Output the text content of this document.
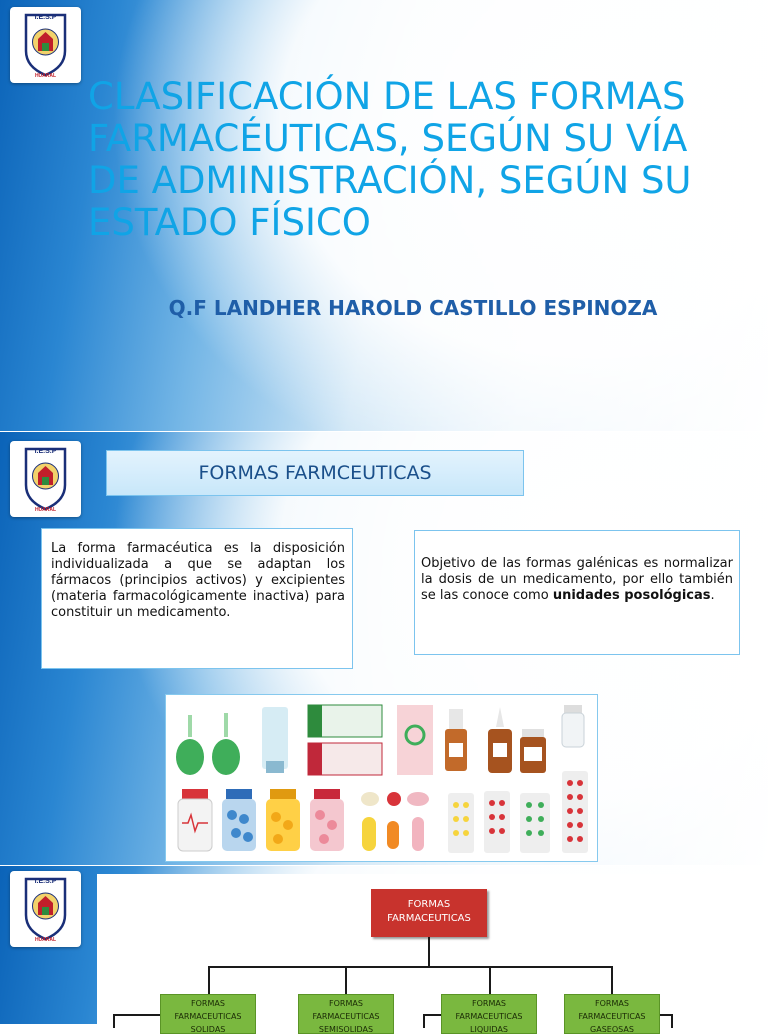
I.E.S.P
HUARAL CLASIFICACIÓN DE LAS FORMAS
FARMACÉUTICAS, SEGÚN SU VÍA
DE ADMINISTRACIÓN, SEGÚN SU
ESTADO FÍSICO
Q.F LANDHER HAROLD CASTILLO ESPINOZA
I.E.S.P
HUARAL
FORMAS FARMCEUTICAS
La forma farmacéutica es la disposición individualizada a que se adaptan los fármacos (principios activos) y excipientes (materia farmacológicamente inactiva) para constituir un medicamento.
Objetivo de las formas galénicas es normalizar la dosis de un medicamento, por ello también se las conoce como unidades posológicas.
I.E.S.P
HUARAL
FORMAS
FARMACEUTICAS
FORMAS
FARMACEUTICAS
SOLIDAS
FORMAS
FARMACEUTICAS
SEMISOLIDAS
FORMAS
FARMACEUTICAS
LIQUIDAS
FORMAS
FARMACEUTICAS
GASEOSAS
